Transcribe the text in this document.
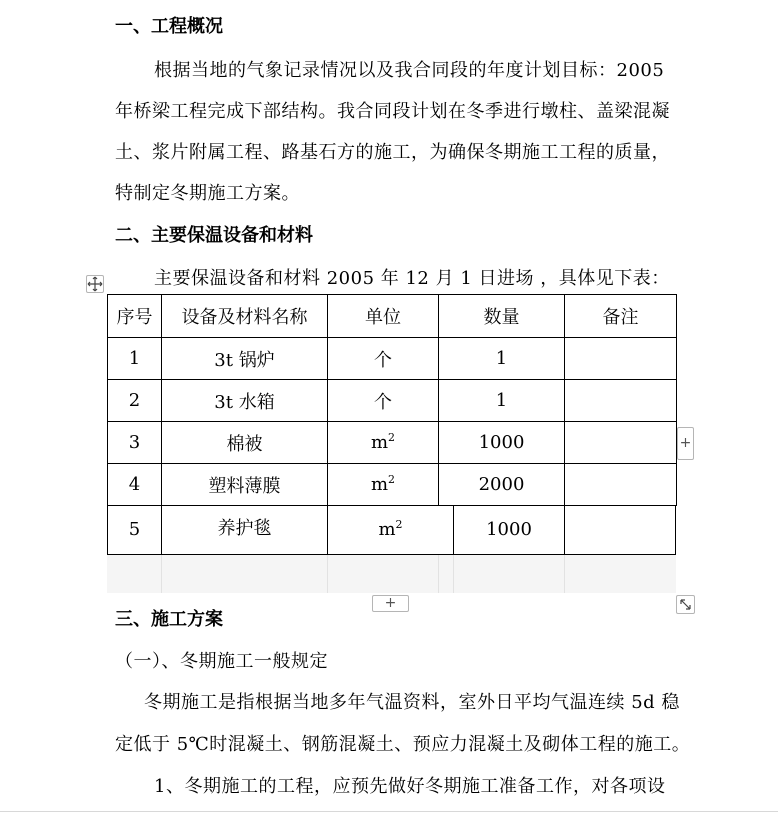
一、工程概况
根据当地的气象记录情况以及我合同段的年度计划目标：2005
年桥梁工程完成下部结构。我合同段计划在冬季进行墩柱、盖梁混凝
土、浆片附属工程、路基石方的施工，为确保冬期施工工程的质量，
特制定冬期施工方案。
二、主要保温设备和材料
主要保温设备和材料 2005 年 12 月 1 日进场 ，具体见下表：
序号	设备及材料名称	单位	数量	备注
1	3t 锅炉	个	1	
2	3t 水箱	个	1	
3	棉被	$m^2$	1000	
4	塑料薄膜	$m^2$	2000	
5	养护毯	$m^2$	1000
+
+
三、施工方案
（一）、冬期施工一般规定
冬期施工是指根据当地多年气温资料，室外日平均气温连续 5d 稳
定低于 5℃时混凝土、钢筋混凝土、预应力混凝土及砌体工程的施工。
1、冬期施工的工程，应预先做好冬期施工准备工作，对各项设
